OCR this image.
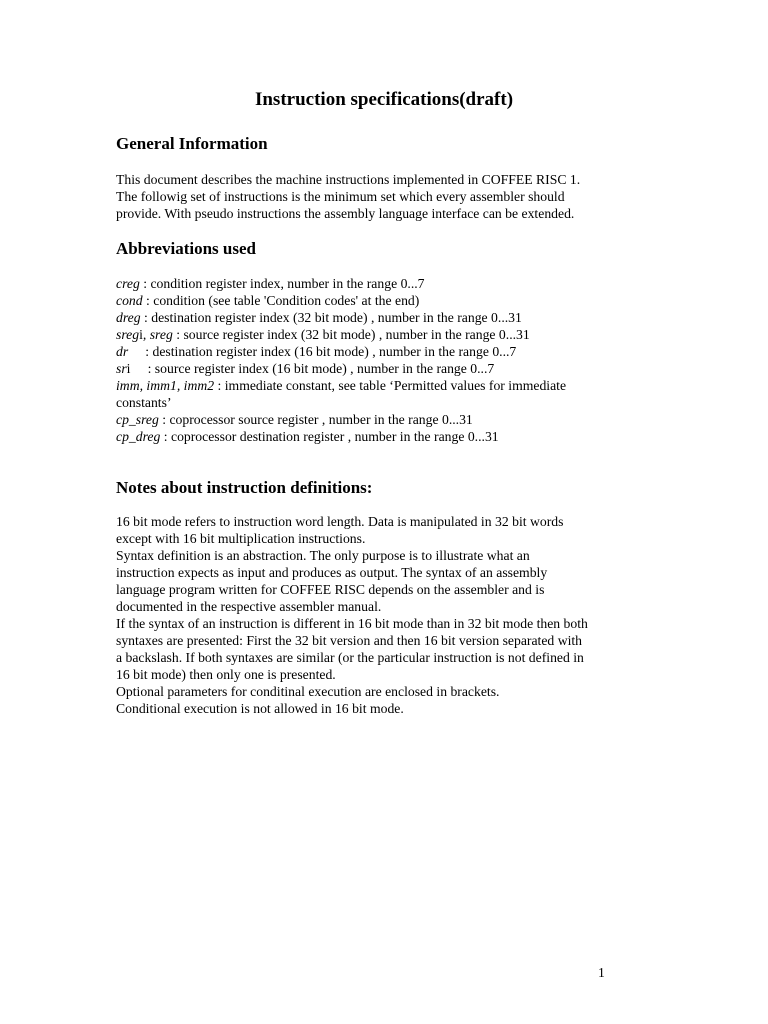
Instruction specifications(draft)
General Information
This document describes the machine instructions implemented in COFFEE RISC 1.
The followig set of instructions is the minimum set which every assembler should
provide. With pseudo instructions the assembly language interface can be extended.
Abbreviations used
creg : condition register index, number in the range 0...7
cond : condition (see table 'Condition codes' at the end)
dreg : destination register index (32 bit mode) , number in the range 0...31
sregi, sreg : source register index (32 bit mode) , number in the range 0...31
dr     : destination register index (16 bit mode) , number in the range 0...7
sri     : source register index (16 bit mode) , number in the range 0...7
imm, imm1, imm2 : immediate constant, see table ‘Permitted values for immediate
constants’
cp_sreg : coprocessor source register , number in the range 0...31
cp_dreg : coprocessor destination register , number in the range 0...31
Notes about instruction definitions:
16 bit mode refers to instruction word length. Data is manipulated in 32 bit words
except with 16 bit multiplication instructions.
Syntax definition is an abstraction. The only purpose is to illustrate what an
instruction expects as input and produces as output. The syntax of an assembly
language program written for COFFEE RISC depends on the assembler and is
documented in the respective assembler manual.
If the syntax of an instruction is different in 16 bit mode than in 32 bit mode then both
syntaxes are presented: First the 32 bit version and then 16 bit version separated with
a backslash. If both syntaxes are similar (or the particular instruction is not defined in
16 bit mode) then only one is presented.
Optional parameters for conditinal execution are enclosed in brackets.
Conditional execution is not allowed in 16 bit mode.
1
